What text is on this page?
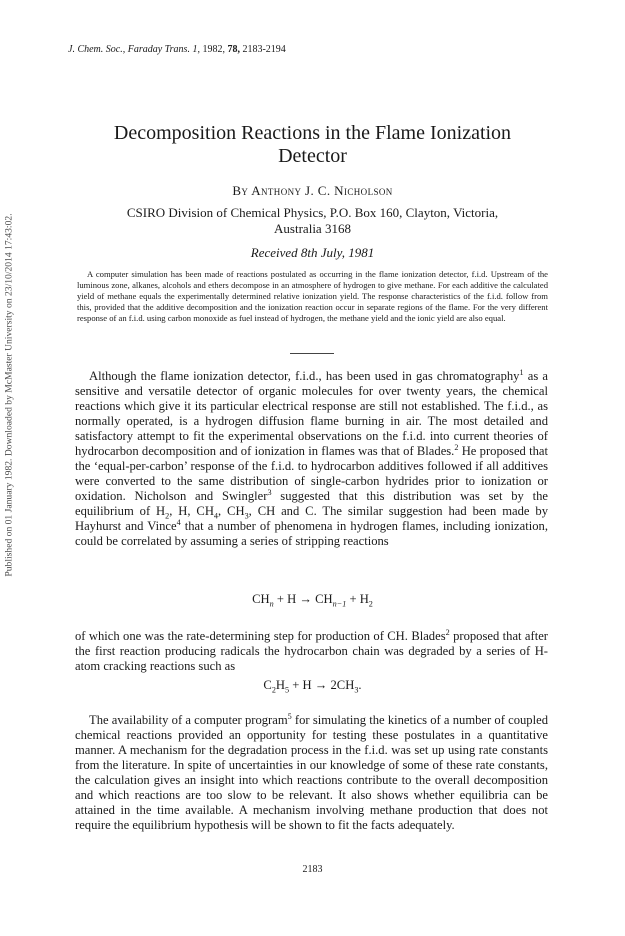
Published on 01 January 1982. Downloaded by McMaster University on 23/10/2014 17:43:02.
J. Chem. Soc., Faraday Trans. 1, 1982, 78, 2183-2194
Decomposition Reactions in the Flame Ionization
Detector
By Anthony J. C. Nicholson
CSIRO Division of Chemical Physics, P.O. Box 160, Clayton, Victoria,
Australia 3168
Received 8th July, 1981

A computer simulation has been made of reactions postulated as occurring in the flame ionization detector, f.i.d. Upstream of the luminous zone, alkanes, alcohols and ethers decompose in an atmosphere of hydrogen to give methane. For each additive the calculated yield of methane equals the experimentally determined relative ionization yield. The response characteristics of the f.i.d. follow from this, provided that the additive decomposition and the ionization reaction occur in separate regions of the flame. For the very different response of an f.i.d. using carbon monoxide as fuel instead of hydrogen, the methane yield and the ionic yield are also equal.

Although the flame ionization detector, f.i.d., has been used in gas chromatography$^1$ as a sensitive and versatile detector of organic molecules for over twenty years, the chemical reactions which give it its particular electrical response are still not established. The f.i.d., as normally operated, is a hydrogen diffusion flame burning in air. The most detailed and satisfactory attempt to fit the experimental observations on the f.i.d. into current theories of hydrocarbon decomposition and of ionization in flames was that of Blades.$^2$ He proposed that the ‘equal-per-carbon’ response of the f.i.d. to hydrocarbon additives followed if all additives were converted to the same distribution of single-carbon hydrides prior to ionization or oxidation. Nicholson and Swingler$^3$ suggested that this distribution was set by the equilibrium of $H_2$, H, $CH_4$, $CH_3$, CH and C. The similar suggestion had been made by Hayhurst and Vince$^4$ that a number of phenomena in hydrogen flames, including ionization, could be correlated by assuming a series of stripping reactions

$CH_n + H \to CH_{n-1} + H_2$

of which one was the rate-determining step for production of CH. Blades$^2$ proposed that after the first reaction producing radicals the hydrocarbon chain was degraded by a series of H-atom cracking reactions such as

$C_2H_5 + H \to 2CH_3$.

The availability of a computer program$^5$ for simulating the kinetics of a number of coupled chemical reactions provided an opportunity for testing these postulates in a quantitative manner. A mechanism for the degradation process in the f.i.d. was set up using rate constants from the literature. In spite of uncertainties in our knowledge of some of these rate constants, the calculation gives an insight into which reactions contribute to the overall decomposition and which reactions are too slow to be relevant. It also shows whether equilibria can be attained in the time available. A mechanism involving methane production that does not require the equilibrium hypothesis will be shown to fit the facts adequately.

2183
